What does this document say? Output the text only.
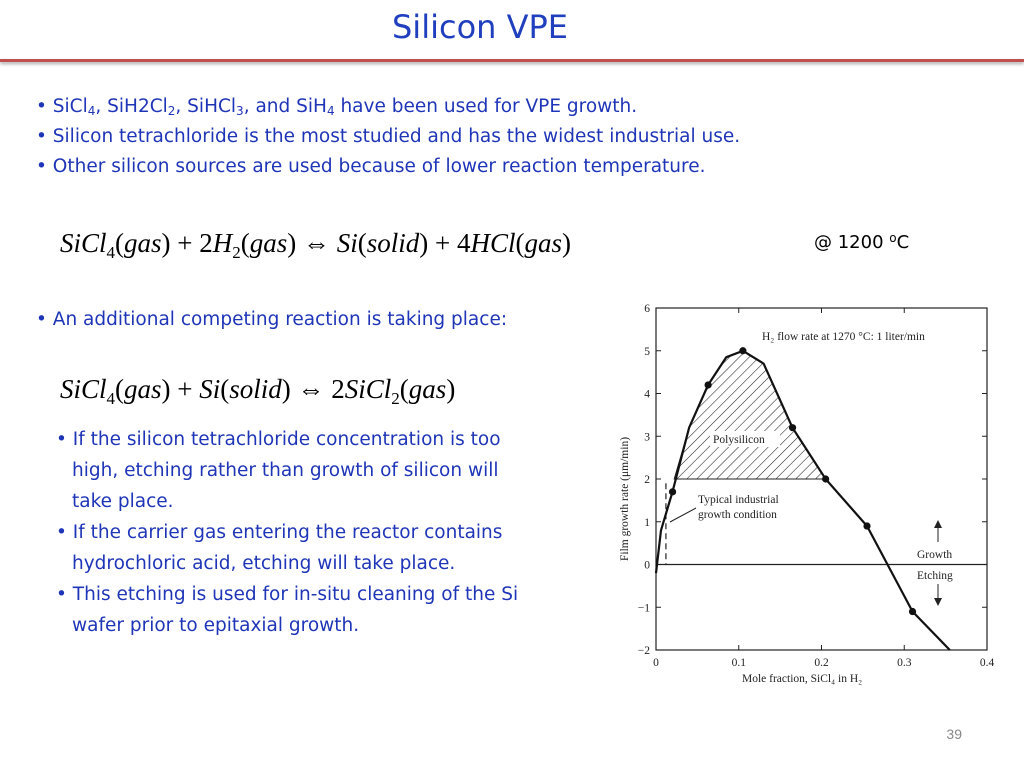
Silicon VPE
• SiCl$_4$, $SiH2Cl_2$, SiHCl$_3$, and SiH$_4$ have been used for VPE growth.
• Silicon tetrachloride is the most studied and has the widest industrial use.
• Other silicon sources are used because of lower reaction temperature.
SiCl$_4$(gas) + $2H_2(gas)$ ⇔ Si(solid) + 4HCl(gas)	@ 1200 $^o$C
• An additional competing reaction is taking place:
SiCl$_4$(gas) + Si(solid) ⇔ 2SiCl$_2$(gas)
• If the silicon tetrachloride concentration is too
high, etching rather than growth of silicon will
take place.
• If the carrier gas entering the reactor contains
hydrochloric acid, etching will take place.
• This etching is used for in-situ cleaning of the Si
wafer prior to epitaxial growth.
0	0.1	0.2	0.3	0.4
−2
−1
0
1
2
3
4
5
6
H₂ flow rate at 1270 °C: 1 liter/min
Polysilicon
Typical industrial
growth condition
Growth
Etching
Mole fraction, SiCl₄ in H₂
Film growth rate (μm/min)
39
